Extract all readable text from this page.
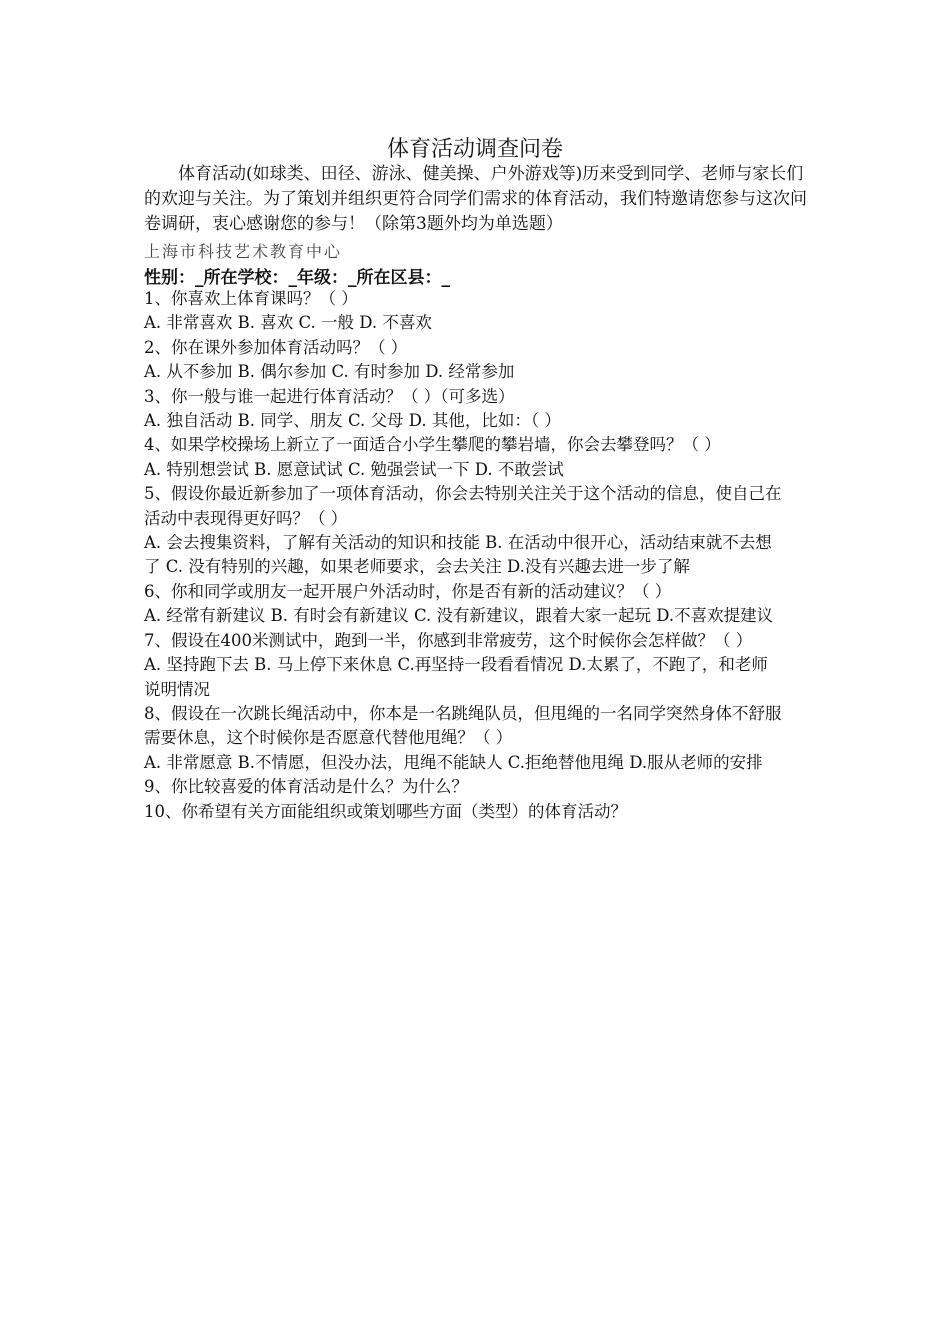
体育活动调查问卷
体育活动(如球类、田径、游泳、健美操、户外游戏等)历来受到同学、老师与家长们的欢迎与关注。为了策划并组织更符合同学们需求的体育活动，我们特邀请您参与这次问卷调研，衷心感谢您的参与！（除第3题外均为单选题）
上海市科技艺术教育中心
性别：_所在学校：_年级：_所在区县：_

1、你喜欢上体育课吗？（ ）

A. 非常喜欢 B. 喜欢 C. 一般 D. 不喜欢

2、你在课外参加体育活动吗？（ ）

A. 从不参加 B. 偶尔参加 C. 有时参加 D. 经常参加

3、你一般与谁一起进行体育活动？（ ）（可多选）

A. 独自活动 B. 同学、朋友 C. 父母 D. 其他，比如：（ ）

4、如果学校操场上新立了一面适合小学生攀爬的攀岩墙，你会去攀登吗？（ ）

A. 特别想尝试 B. 愿意试试 C. 勉强尝试一下 D. 不敢尝试

5、假设你最近新参加了一项体育活动，你会去特别关注关于这个活动的信息，使自己在活动中表现得更好吗？（ ）

A. 会去搜集资料，了解有关活动的知识和技能 B. 在活动中很开心，活动结束就不去想了 C. 没有特别的兴趣，如果老师要求，会去关注 D.没有兴趣去进一步了解

6、你和同学或朋友一起开展户外活动时，你是否有新的活动建议？（ ）

A. 经常有新建议 B. 有时会有新建议 C. 没有新建议，跟着大家一起玩 D.不喜欢提建议

7、假设在400米测试中，跑到一半，你感到非常疲劳，这个时候你会怎样做？（ ）

A. 坚持跑下去 B. 马上停下来休息 C.再坚持一段看看情况 D.太累了，不跑了，和老师说明情况

8、假设在一次跳长绳活动中，你本是一名跳绳队员，但甩绳的一名同学突然身体不舒服需要休息，这个时候你是否愿意代替他甩绳？（ ）

A. 非常愿意 B.不情愿，但没办法，甩绳不能缺人 C.拒绝替他甩绳 D.服从老师的安排

9、你比较喜爱的体育活动是什么？为什么？

10、你希望有关方面能组织或策划哪些方面（类型）的体育活动？
